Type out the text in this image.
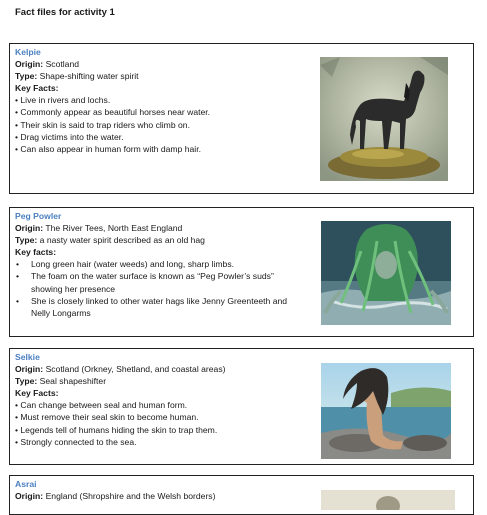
Fact files for activity 1
Kelpie
Origin: Scotland
Type: Shape-shifting water spirit
Key Facts:
• Live in rivers and lochs.
• Commonly appear as beautiful horses near water.
• Their skin is said to trap riders who climb on.
• Drag victims into the water.
• Can also appear in human form with damp hair.
Peg Powler
Origin: The River Tees, North East England
Type: a nasty water spirit described as an old hag
Key facts:
• Long green hair (water weeds) and long, sharp limbs.
• The foam on the water surface is known as “Peg Powler’s suds” showing her presence
• She is closely linked to other water hags like Jenny Greenteeth and Nelly Longarms
Selkie
Origin: Scotland (Orkney, Shetland, and coastal areas)
Type: Seal shapeshifter
Key Facts:
• Can change between seal and human form.
• Must remove their seal skin to become human.
• Legends tell of humans hiding the skin to trap them.
• Strongly connected to the sea.
Asrai
Origin: England (Shropshire and the Welsh borders)
